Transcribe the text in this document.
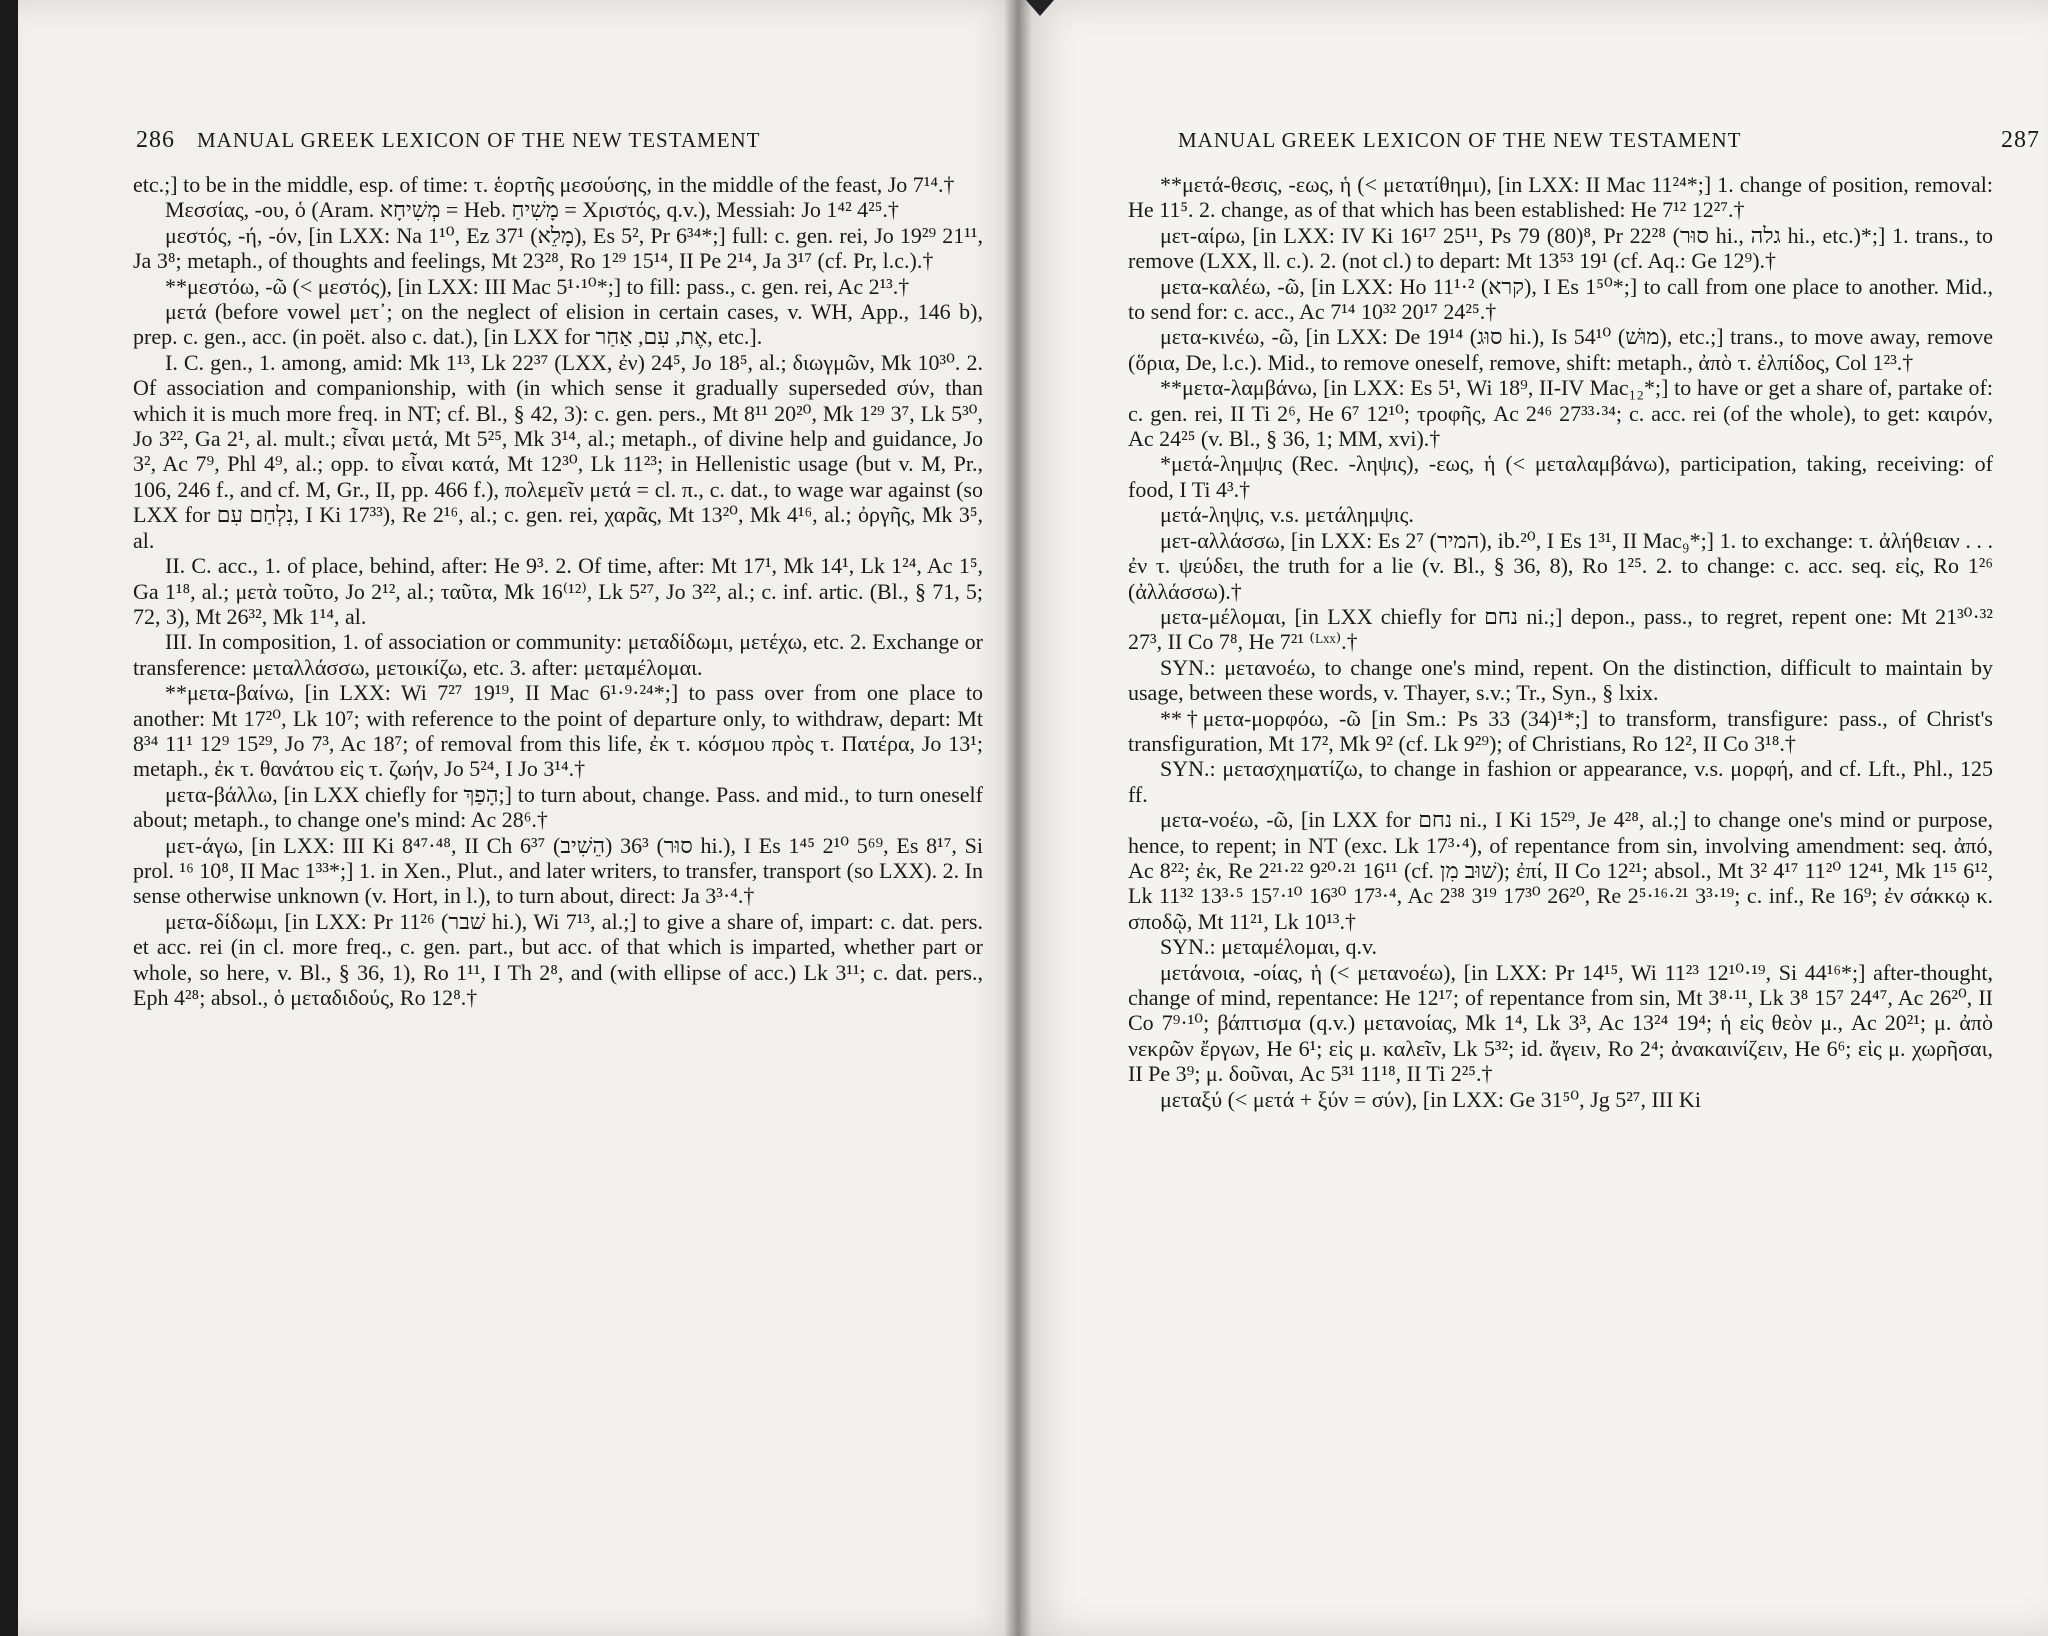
286 MANUAL GREEK LEXICON OF THE NEW TESTAMENT

etc.;] to be in the middle, esp. of time: τ. ἑορτῆς μεσούσης, in the middle of the feast, Jo 7¹⁴.†

Μεσσίας, -ου, ὁ (Aram. מְשִׁיחָא = Heb. מָשִׁיחַ = Χριστός, q.v.), Messiah: Jo 1⁴² 4²⁵.†

μεστός, -ή, -όν, [in LXX: Na 1¹⁰, Ez 37¹ (מָלֵא), Es 5², Pr 6³⁴*;] full: c. gen. rei, Jo 19²⁹ 21¹¹, Ja 3⁸; metaph., of thoughts and feelings, Mt 23²⁸, Ro 1²⁹ 15¹⁴, II Pe 2¹⁴, Ja 3¹⁷ (cf. Pr, l.c.).†

**μεστόω, -ῶ (< μεστός), [in LXX: III Mac 5¹·¹⁰*;] to fill: pass., c. gen. rei, Ac 2¹³.†

μετά (before vowel μετ᾽; on the neglect of elision in certain cases, v. WH, App., 146 b), prep. c. gen., acc. (in poët. also c. dat.), [in LXX for אֶת, עִם, אַחַר, etc.].

I. C. gen., 1. among, amid: Mk 1¹³, Lk 22³⁷ (LXX, ἐν) 24⁵, Jo 18⁵, al.; διωγμῶν, Mk 10³⁰. 2. Of association and companionship, with (in which sense it gradually superseded σύν, than which it is much more freq. in NT; cf. Bl., § 42, 3): c. gen. pers., Mt 8¹¹ 20²⁰, Mk 1²⁹ 3⁷, Lk 5³⁰, Jo 3²², Ga 2¹, al. mult.; εἶναι μετά, Mt 5²⁵, Mk 3¹⁴, al.; metaph., of divine help and guidance, Jo 3², Ac 7⁹, Phl 4⁹, al.; opp. to εἶναι κατά, Mt 12³⁰, Lk 11²³; in Hellenistic usage (but v. M, Pr., 106, 246 f., and cf. M, Gr., II, pp. 466 f.), πολεμεῖν μετά = cl. π., c. dat., to wage war against (so LXX for נִלְחַם עִם, I Ki 17³³), Re 2¹⁶, al.; c. gen. rei, χαρᾶς, Mt 13²⁰, Mk 4¹⁶, al.; ὀργῆς, Mk 3⁵, al.

II. C. acc., 1. of place, behind, after: He 9³. 2. Of time, after: Mt 17¹, Mk 14¹, Lk 1²⁴, Ac 1⁵, Ga 1¹⁸, al.; μετὰ τοῦτο, Jo 2¹², al.; ταῦτα, Mk 16⁽¹²⁾, Lk 5²⁷, Jo 3²², al.; c. inf. artic. (Bl., § 71, 5; 72, 3), Mt 26³², Mk 1¹⁴, al.

III. In composition, 1. of association or community: μεταδίδωμι, μετέχω, etc. 2. Exchange or transference: μεταλλάσσω, μετοικίζω, etc. 3. after: μεταμέλομαι.

**μετα-βαίνω, [in LXX: Wi 7²⁷ 19¹⁹, II Mac 6¹·⁹·²⁴*;] to pass over from one place to another: Mt 17²⁰, Lk 10⁷; with reference to the point of departure only, to withdraw, depart: Mt 8³⁴ 11¹ 12⁹ 15²⁹, Jo 7³, Ac 18⁷; of removal from this life, ἐκ τ. κόσμου πρὸς τ. Πατέρα, Jo 13¹; metaph., ἐκ τ. θανάτου εἰς τ. ζωήν, Jo 5²⁴, I Jo 3¹⁴.†

μετα-βάλλω, [in LXX chiefly for הָפַךְ;] to turn about, change. Pass. and mid., to turn oneself about; metaph., to change one's mind: Ac 28⁶.†

μετ-άγω, [in LXX: III Ki 8⁴⁷·⁴⁸, II Ch 6³⁷ (הֵשִׁיב) 36³ (סוּר hi.), I Es 1⁴⁵ 2¹⁰ 5⁶⁹, Es 8¹⁷, Si prol. ¹⁶ 10⁸, II Mac 1³³*;] 1. in Xen., Plut., and later writers, to transfer, transport (so LXX). 2. In sense otherwise unknown (v. Hort, in l.), to turn about, direct: Ja 3³·⁴.†

μετα-δίδωμι, [in LXX: Pr 11²⁶ (שׁבר hi.), Wi 7¹³, al.;] to give a share of, impart: c. dat. pers. et acc. rei (in cl. more freq., c. gen. part., but acc. of that which is imparted, whether part or whole, so here, v. Bl., § 36, 1), Ro 1¹¹, I Th 2⁸, and (with ellipse of acc.) Lk 3¹¹; c. dat. pers., Eph 4²⁸; absol., ὁ μεταδιδούς, Ro 12⁸.†

MANUAL GREEK LEXICON OF THE NEW TESTAMENT	287

**μετά-θεσις, -εως, ἡ (< μετατίθημι), [in LXX: II Mac 11²⁴*;] 1. change of position, removal: He 11⁵. 2. change, as of that which has been established: He 7¹² 12²⁷.†

μετ-αίρω, [in LXX: IV Ki 16¹⁷ 25¹¹, Ps 79 (80)⁸, Pr 22²⁸ (סוּר hi., גלה hi., etc.)*;] 1. trans., to remove (LXX, ll. c.). 2. (not cl.) to depart: Mt 13⁵³ 19¹ (cf. Aq.: Ge 12⁹).†

μετα-καλέω, -ῶ, [in LXX: Ho 11¹·² (קרא), I Es 1⁵⁰*;] to call from one place to another. Mid., to send for: c. acc., Ac 7¹⁴ 10³² 20¹⁷ 24²⁵.†

μετα-κινέω, -ῶ, [in LXX: De 19¹⁴ (סוּג hi.), Is 54¹⁰ (מוּשׁ), etc.;] trans., to move away, remove (ὅρια, De, l.c.). Mid., to remove oneself, remove, shift: metaph., ἀπὸ τ. ἐλπίδος, Col 1²³.†

**μετα-λαμβάνω, [in LXX: Es 5¹, Wi 18⁹, II-IV Mac₁₂*;] to have or get a share of, partake of: c. gen. rei, II Ti 2⁶, He 6⁷ 12¹⁰; τροφῆς, Ac 2⁴⁶ 27³³·³⁴; c. acc. rei (of the whole), to get: καιρόν, Ac 24²⁵ (v. Bl., § 36, 1; MM, xvi).†

*μετά-λημψις (Rec. -ληψις), -εως, ἡ (< μεταλαμβάνω), participation, taking, receiving: of food, I Ti 4³.†

μετά-ληψις, v.s. μετάλημψις.

μετ-αλλάσσω, [in LXX: Es 2⁷ (המיר), ib.²⁰, I Es 1³¹, II Mac₉*;] 1. to exchange: τ. ἀλήθειαν . . . ἐν τ. ψεύδει, the truth for a lie (v. Bl., § 36, 8), Ro 1²⁵. 2. to change: c. acc. seq. εἰς, Ro 1²⁶ (ἀλλάσσω).†

μετα-μέλομαι, [in LXX chiefly for נחם ni.;] depon., pass., to regret, repent one: Mt 21³⁰·³² 27³, II Co 7⁸, He 7²¹ ⁽ᴸˣˣ⁾.†

SYN.: μετανοέω, to change one's mind, repent. On the distinction, difficult to maintain by usage, between these words, v. Thayer, s.v.; Tr., Syn., § lxix.

**†μετα-μορφόω, -ῶ [in Sm.: Ps 33 (34)¹*;] to transform, transfigure: pass., of Christ's transfiguration, Mt 17², Mk 9² (cf. Lk 9²⁹); of Christians, Ro 12², II Co 3¹⁸.†

SYN.: μετασχηματίζω, to change in fashion or appearance, v.s. μορφή, and cf. Lft., Phl., 125 ff.

μετα-νοέω, -ῶ, [in LXX for נחם ni., I Ki 15²⁹, Je 4²⁸, al.;] to change one's mind or purpose, hence, to repent; in NT (exc. Lk 17³·⁴), of repentance from sin, involving amendment: seq. ἀπό, Ac 8²²; ἐκ, Re 2²¹·²² 9²⁰·²¹ 16¹¹ (cf. שׁוּב מִן); ἐπί, II Co 12²¹; absol., Mt 3² 4¹⁷ 11²⁰ 12⁴¹, Mk 1¹⁵ 6¹², Lk 11³² 13³·⁵ 15⁷·¹⁰ 16³⁰ 17³·⁴, Ac 2³⁸ 3¹⁹ 17³⁰ 26²⁰, Re 2⁵·¹⁶·²¹ 3³·¹⁹; c. inf., Re 16⁹; ἐν σάκκῳ κ. σποδῷ, Mt 11²¹, Lk 10¹³.†

SYN.: μεταμέλομαι, q.v.

μετάνοια, -οίας, ἡ (< μετανοέω), [in LXX: Pr 14¹⁵, Wi 11²³ 12¹⁰·¹⁹, Si 44¹⁶*;] after-thought, change of mind, repentance: He 12¹⁷; of repentance from sin, Mt 3⁸·¹¹, Lk 3⁸ 15⁷ 24⁴⁷, Ac 26²⁰, II Co 7⁹·¹⁰; βάπτισμα (q.v.) μετανοίας, Mk 1⁴, Lk 3³, Ac 13²⁴ 19⁴; ἡ εἰς θεὸν μ., Ac 20²¹; μ. ἀπὸ νεκρῶν ἔργων, He 6¹; εἰς μ. καλεῖν, Lk 5³²; id. ἄγειν, Ro 2⁴; ἀνακαινίζειν, He 6⁶; εἰς μ. χωρῆσαι, II Pe 3⁹; μ. δοῦναι, Ac 5³¹ 11¹⁸, II Ti 2²⁵.†

μεταξύ (< μετά + ξύν = σύν), [in LXX: Ge 31⁵⁰, Jg 5²⁷, III Ki
